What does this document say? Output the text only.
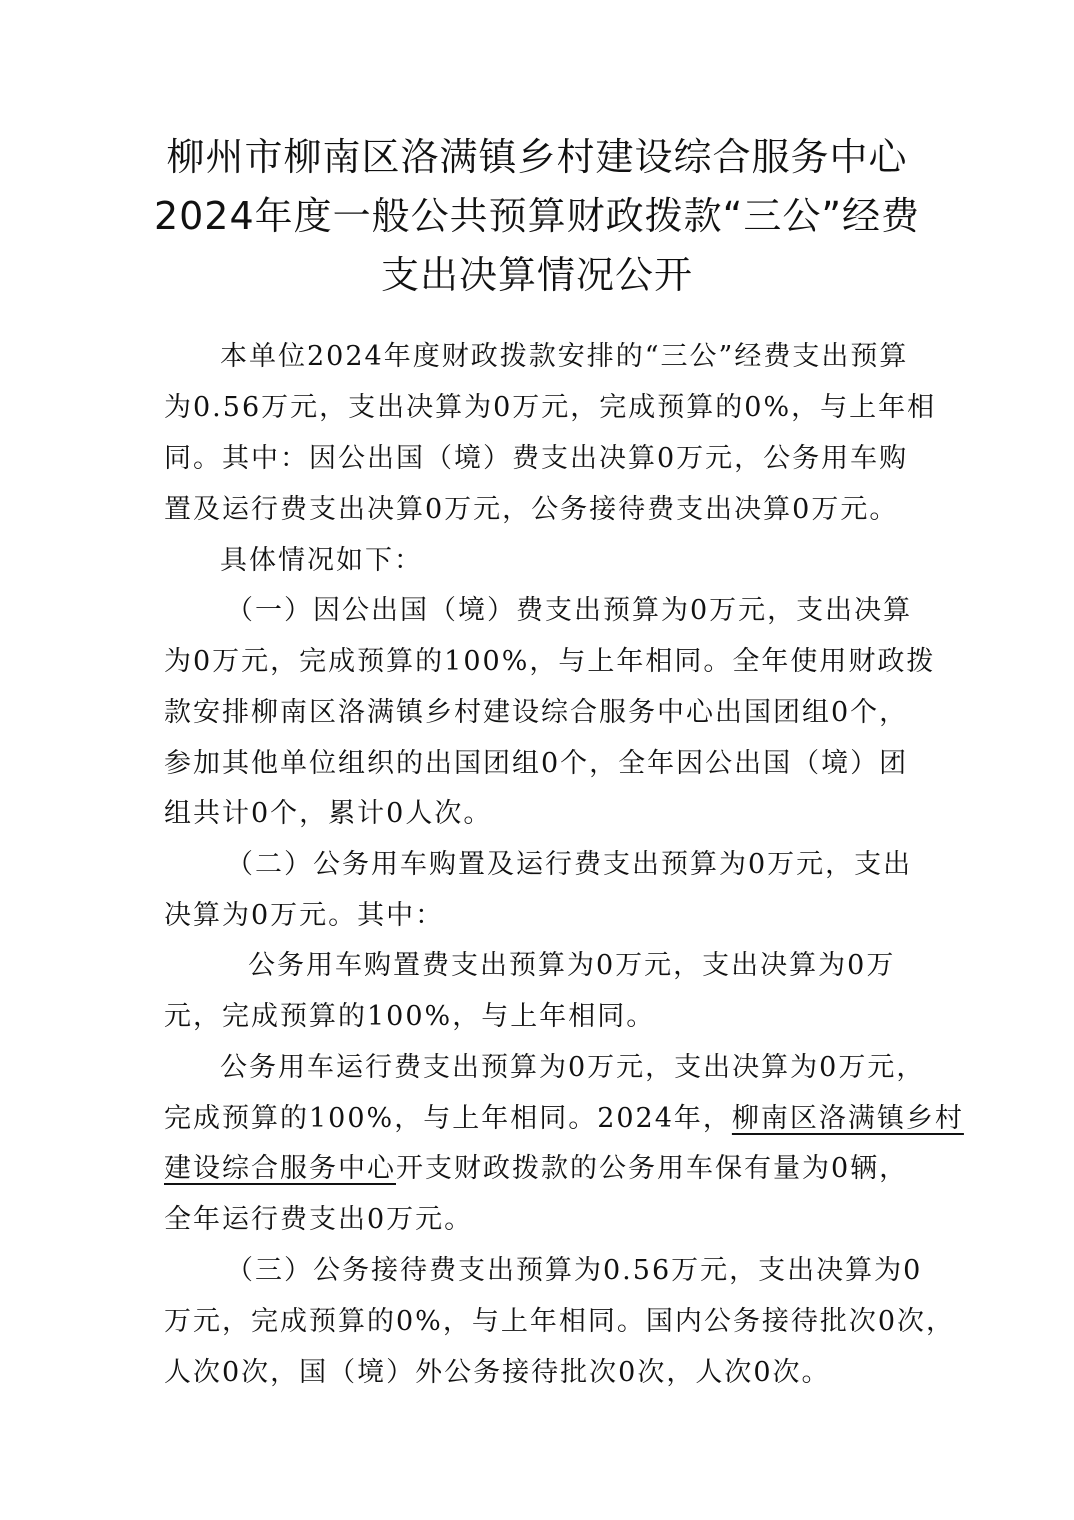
柳州市柳南区洛满镇乡村建设综合服务中心
2024年度一般公共预算财政拨款“三公”经费
支出决算情况公开
本单位2024年度财政拨款安排的“三公”经费支出预算
为0.56万元，支出决算为0万元，完成预算的0%，与上年相
同。其中：因公出国（境）费支出决算0万元，公务用车购
置及运行费支出决算0万元，公务接待费支出决算0万元。
具体情况如下：
（一）因公出国（境）费支出预算为0万元，支出决算
为0万元，完成预算的100%，与上年相同。全年使用财政拨
款安排柳南区洛满镇乡村建设综合服务中心出国团组0个，
参加其他单位组织的出国团组0个，全年因公出国（境）团
组共计0个，累计0人次。
（二）公务用车购置及运行费支出预算为0万元，支出
决算为0万元。其中：
公务用车购置费支出预算为0万元，支出决算为0万
元，完成预算的100%，与上年相同。
公务用车运行费支出预算为0万元，支出决算为0万元，
完成预算的100%，与上年相同。2024年，柳南区洛满镇乡村
建设综合服务中心开支财政拨款的公务用车保有量为0辆，
全年运行费支出0万元。
（三）公务接待费支出预算为0.56万元，支出决算为0
万元，完成预算的0%，与上年相同。国内公务接待批次0次，
人次0次，国（境）外公务接待批次0次，人次0次。
